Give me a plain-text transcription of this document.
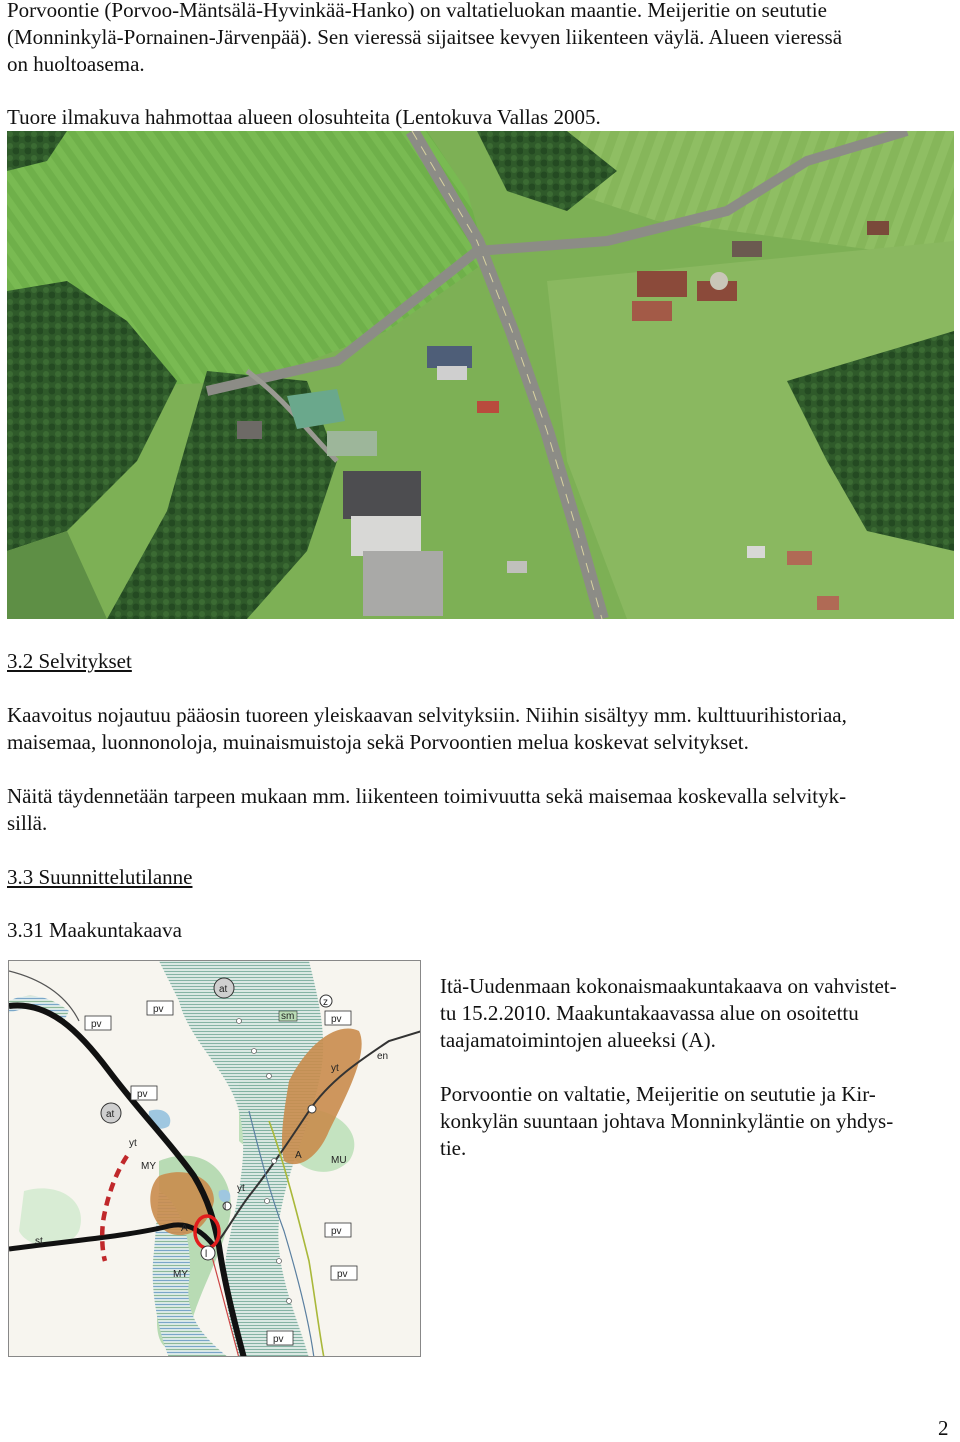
Porvoontie (Porvoo-Mäntsälä-Hyvinkää-Hanko) on valtatieluokan maantie. Meijeritie on seututie
(Monninkylä-Pornainen-Järvenpää). Sen vieressä sijaitsee kevyen liikenteen väylä. Alueen vieressä
on huoltoasema.
Tuore ilmakuva hahmottaa alueen olosuhteita (Lentokuva Vallas 2005.
3.2 Selvitykset
Kaavoitus nojautuu pääosin tuoreen yleiskaavan selvityksiin. Niihin sisältyy mm. kulttuurihistoriaa,
maisemaa, luonnonoloja, muinaismuistoja sekä Porvoontien melua koskevat selvitykset.
Näitä täydennetään tarpeen mukaan mm. liikenteen toimivuutta sekä maisemaa koskevalla selvityk-
sillä.
3.3 Suunnittelutilanne
3.31 Maakuntakaava
at
at
pv
pv
pv
pv
pv
pv
pv
sm
z
en
yt
yt
yt
A
A	MU
MY
MY
st
l
l
Itä-Uudenmaan kokonaismaakuntakaava on vahvistet-
tu 15.2.2010. Maakuntakaavassa alue on osoitettu
taajamatoimintojen alueeksi (A).
Porvoontie on valtatie, Meijeritie on seututie ja Kir-
konkylän suuntaan johtava Monninkyläntie on yhdys-
tie.
2
